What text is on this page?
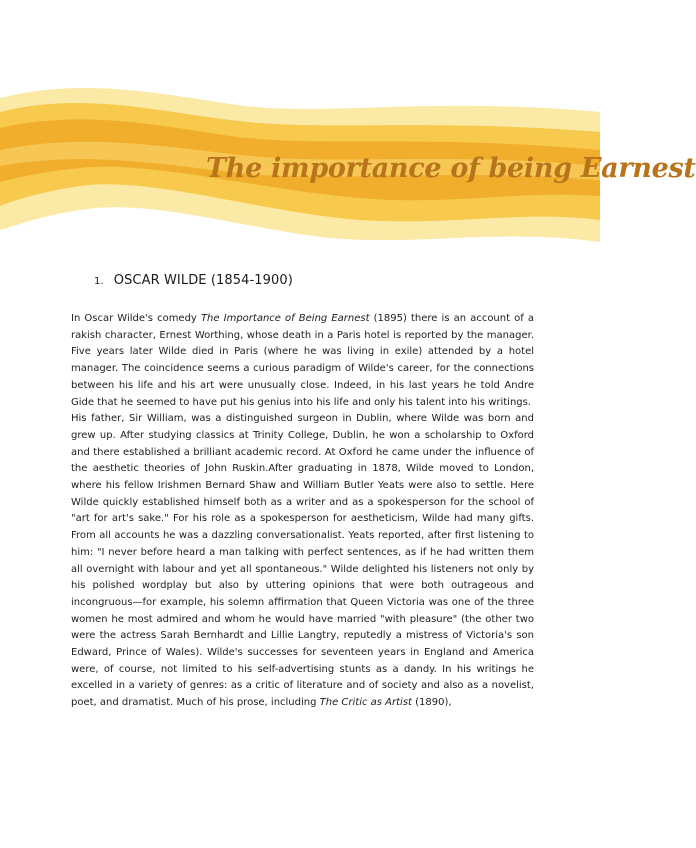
The importance of being Earnest
1. OSCAR WILDE (1854-1900)

In Oscar Wilde's comedy The Importance of Being Earnest (1895) there is an account of a rakish character, Ernest Worthing, whose death in a Paris hotel is reported by the manager. Five years later Wilde died in Paris (where he was living in exile) attended by a hotel manager. The coincidence seems a curious paradigm of Wilde's career, for the connections between his life and his art were unusually close. Indeed, in his last years he told Andre Gide that he seemed to have put his genius into his life and only his talent into his writings.

His father, Sir William, was a distinguished surgeon in Dublin, where Wilde was born and grew up. After studying classics at Trinity College, Dublin, he won a scholarship to Oxford and there established a brilliant academic record. At Oxford he came under the influence of the aesthetic theories of John Ruskin.After graduating in 1878, Wilde moved to London, where his fellow Irishmen Bernard Shaw and William Butler Yeats were also to settle. Here Wilde quickly established himself both as a writer and as a spokesperson for the school of "art for art's sake." For his role as a spokesperson for aestheticism, Wilde had many gifts. From all accounts he was a dazzling conversationalist. Yeats reported, after first listening to him: "I never before heard a man talking with perfect sentences, as if he had written them all overnight with labour and yet all spontaneous." Wilde delighted his listeners not only by his polished wordplay but also by uttering opinions that were both outrageous and incongruous—for example, his solemn affirmation that Queen Victoria was one of the three women he most admired and whom he would have married "with pleasure" (the other two were the actress Sarah Bernhardt and Lillie Langtry, reputedly a mistress of Victoria's son Edward, Prince of Wales). Wilde's successes for seventeen years in England and America were, of course, not limited to his self-advertising stunts as a dandy. In his writings he excelled in a variety of genres: as a critic of literature and of society and also as a novelist, poet, and dramatist. Much of his prose, including The Critic as Artist (1890),
